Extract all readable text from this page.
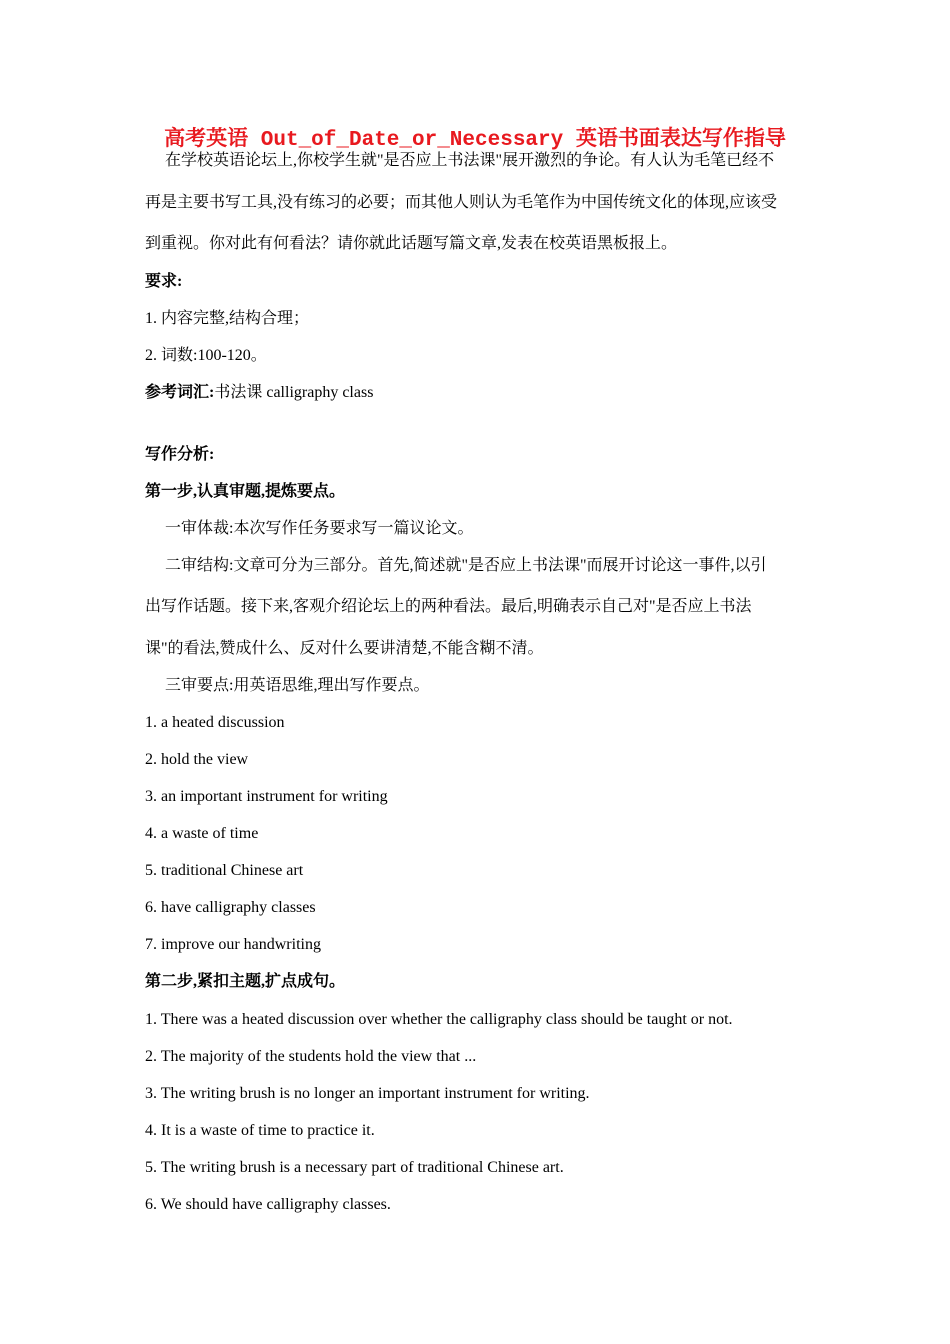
高考英语 Out_of_Date_or_Necessary 英语书面表达写作指导
在学校英语论坛上,你校学生就"是否应上书法课"展开激烈的争论。有人认为毛笔已经不
再是主要书写工具,没有练习的必要；而其他人则认为毛笔作为中国传统文化的体现,应该受
到重视。你对此有何看法？请你就此话题写篇文章,发表在校英语黑板报上。
要求:
1. 内容完整,结构合理；
2. 词数:100-120。
参考词汇:书法课 calligraphy class
写作分析:
第一步,认真审题,提炼要点。
一审体裁:本次写作任务要求写一篇议论文。
二审结构:文章可分为三部分。首先,简述就"是否应上书法课"而展开讨论这一事件,以引
出写作话题。接下来,客观介绍论坛上的两种看法。最后,明确表示自己对"是否应上书法
课"的看法,赞成什么、反对什么要讲清楚,不能含糊不清。
三审要点:用英语思维,理出写作要点。
1. a heated discussion
2. hold the view
3. an important instrument for writing
4. a waste of time
5. traditional Chinese art
6. have calligraphy classes
7. improve our handwriting
第二步,紧扣主题,扩点成句。
1. There was a heated discussion over whether the calligraphy class should be taught or not.
2. The majority of the students hold the view that ...
3. The writing brush is no longer an important instrument for writing.
4. It is a waste of time to practice it.
5. The writing brush is a necessary part of traditional Chinese art.
6. We should have calligraphy classes.
